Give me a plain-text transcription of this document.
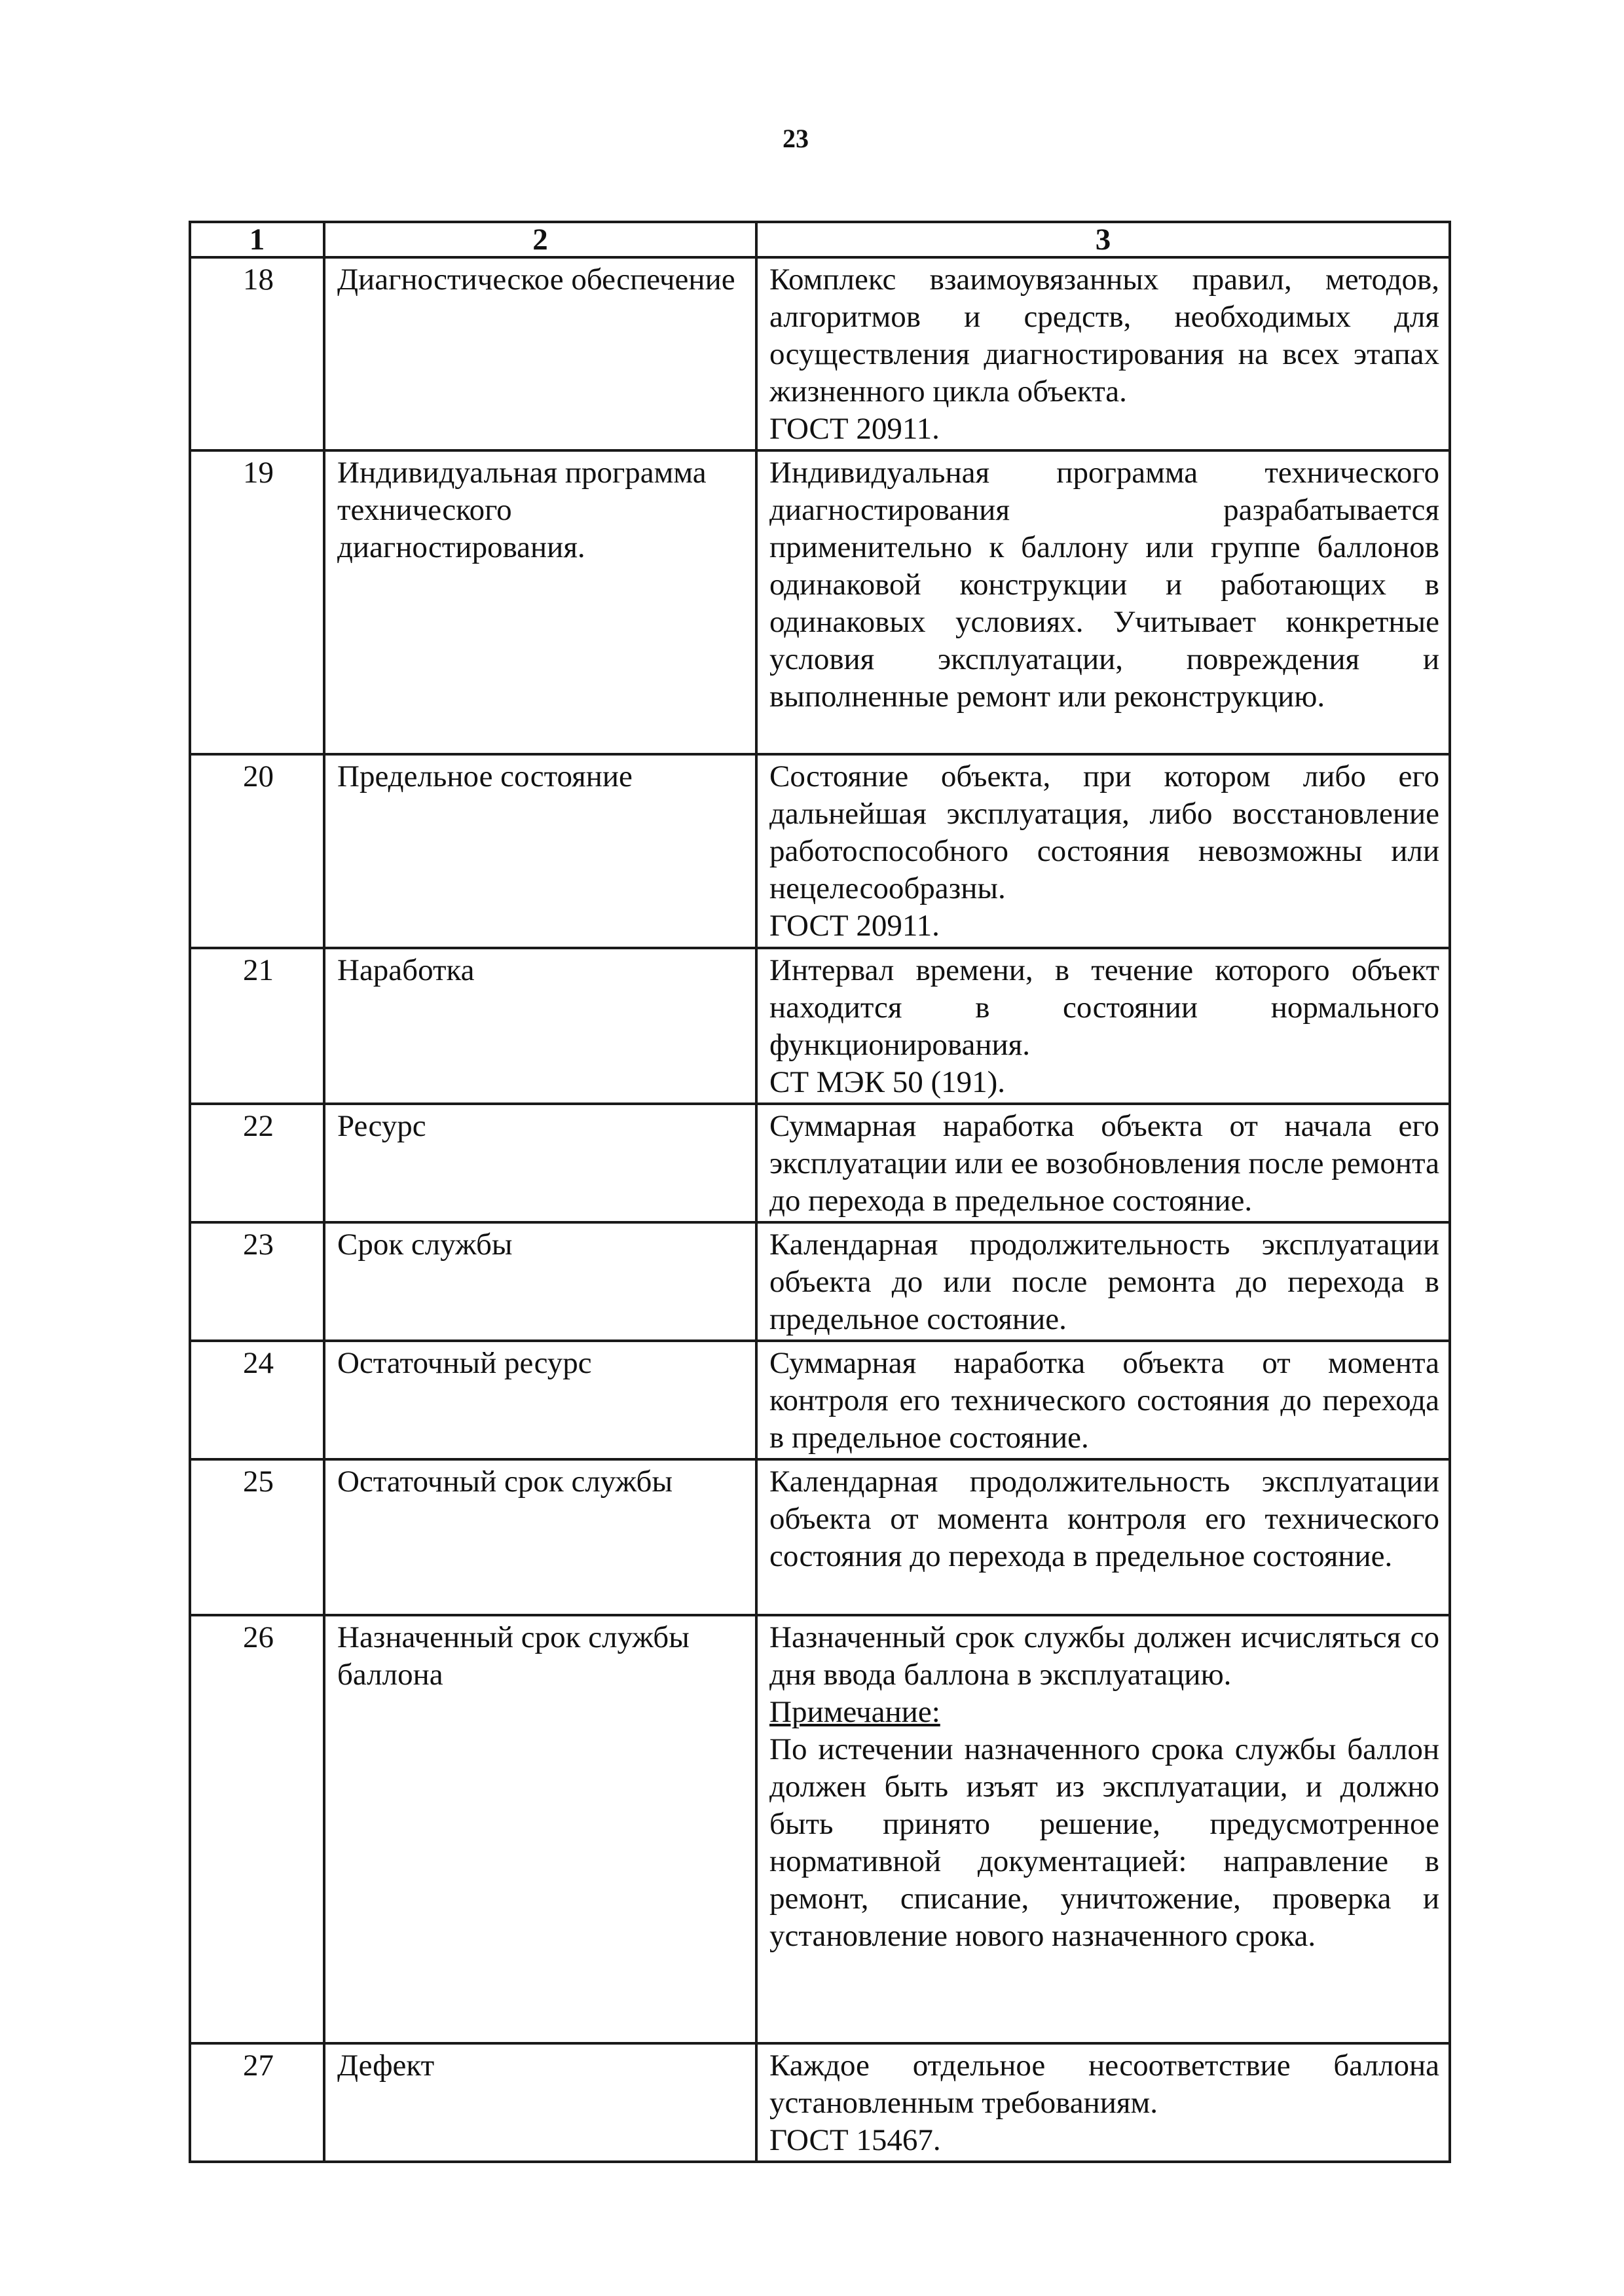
23
1	2	3
18	Диагностическое обеспечение	Комплекс взаимоувязанных правил, методов, алгоритмов и средств, необходимых для осуществления диагностирования на всех этапах жизненного цикла объекта.
ГОСТ 20911.

19	Индивидуальная программа технического диагностирования.	Индивидуальная программа технического диагностирования разрабатывается применительно к баллону или группе баллонов одинаковой конструкции и работающих в одинаковых условиях. Учитывает конкретные условия эксплуатации, повреждения и выполненные ремонт или реконструкцию.

20	Предельное состояние	Состояние объекта, при котором либо его дальнейшая эксплуатация, либо восстановление работоспособного состояния невозможны или нецелесообразны.
ГОСТ 20911.

21	Наработка	Интервал времени, в течение которого объект находится в состоянии нормального функционирования.
СТ МЭК 50 (191).

22	Ресурс	Суммарная наработка объекта от начала его эксплуатации или ее возобновления после ремонта до перехода в предельное состояние.

23	Срок службы	Календарная продолжительность эксплуатации объекта до или после ремонта до перехода в предельное состояние.

24	Остаточный ресурс	Суммарная наработка объекта от момента контроля его технического состояния до перехода в предельное состояние.

25	Остаточный срок службы	Календарная продолжительность эксплуатации объекта от момента контроля его технического состояния до перехода в предельное состояние.

26	Назначенный срок службы баллона	Назначенный срок службы должен исчисляться со дня ввода баллона в эксплуатацию.
Примечание:
По истечении назначенного срока службы баллон должен быть изъят из эксплуатации, и должно быть принято решение, предусмотренное нормативной документацией: направление в ремонт, списание, уничтожение, проверка и установление нового назначенного срока.

27	Дефект	Каждое отдельное несоответствие баллона установленным требованиям.
ГОСТ 15467.
